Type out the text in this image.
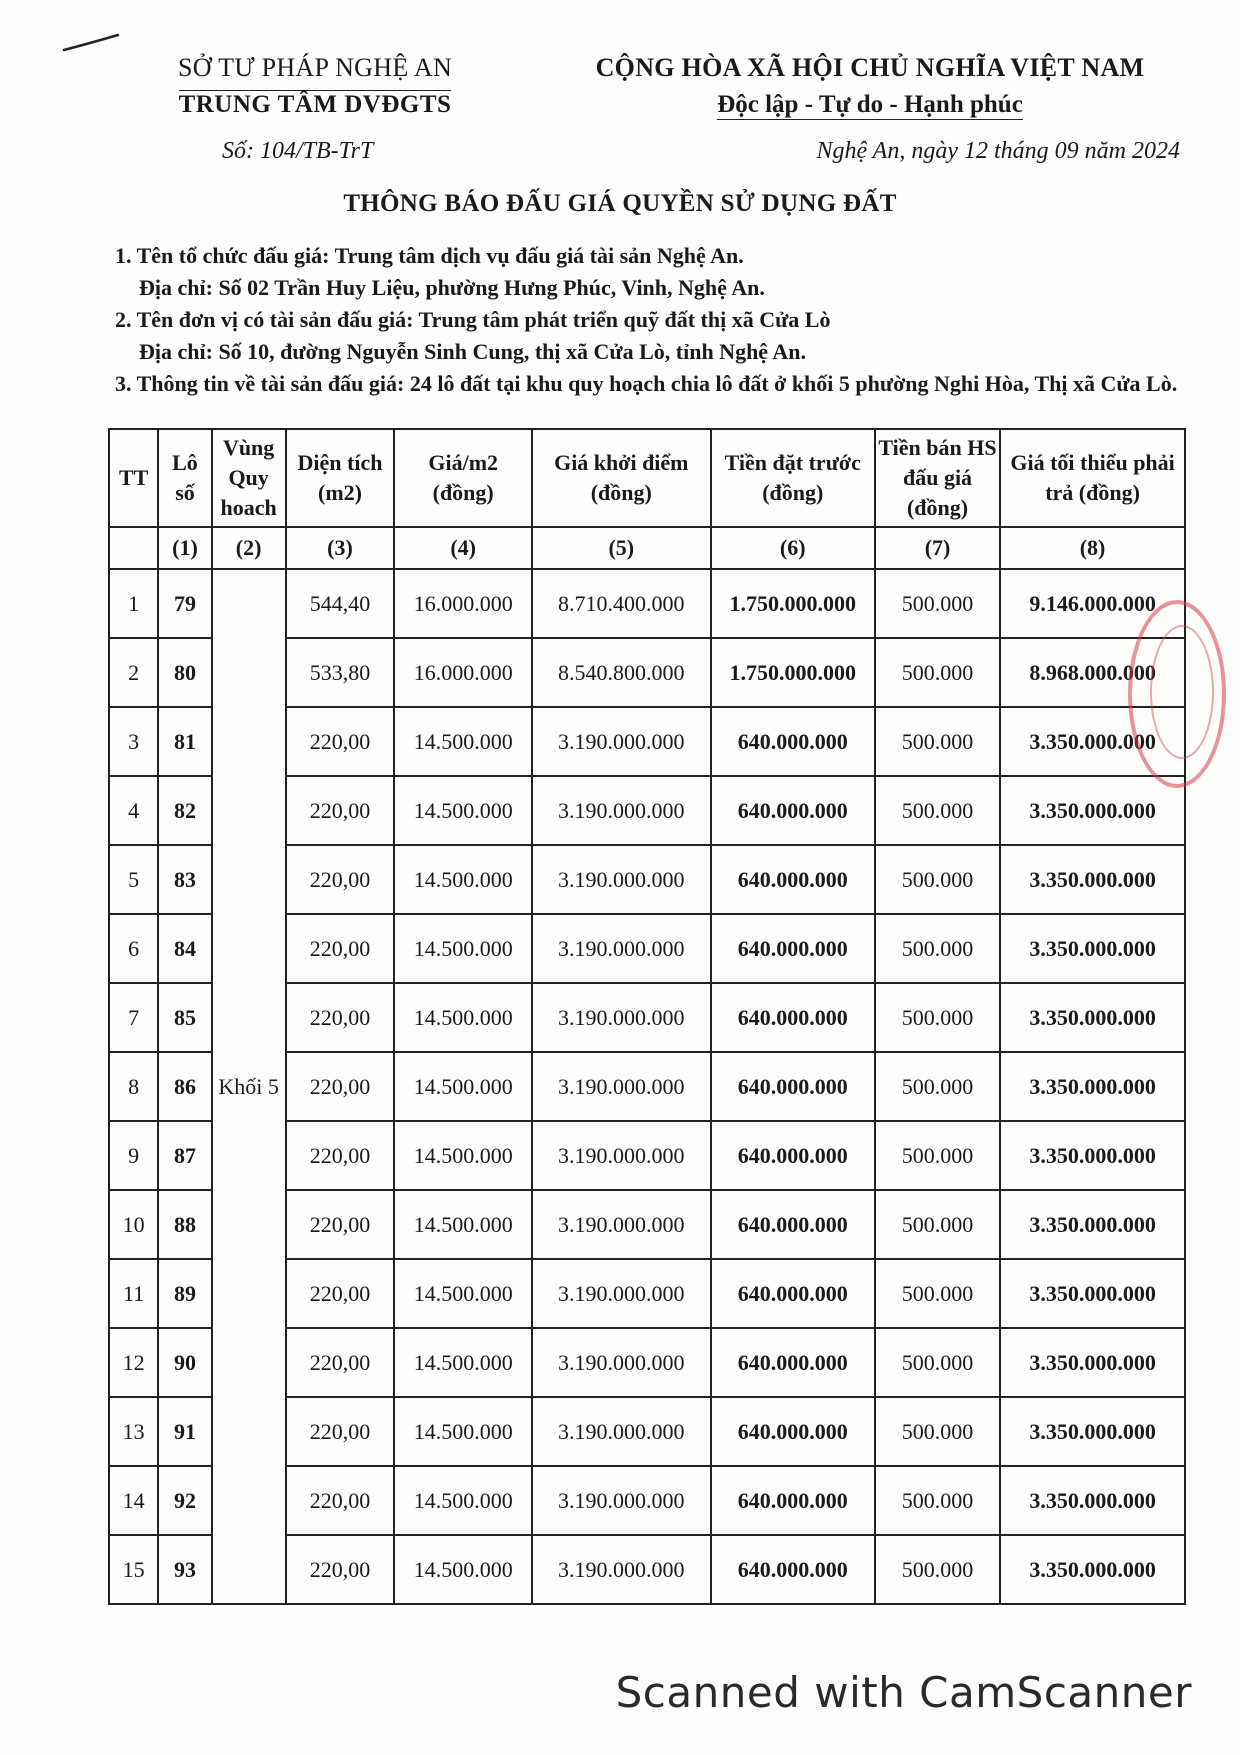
SỞ TƯ PHÁP NGHỆ AN
TRUNG TÂM DVĐGTS
CỘNG HÒA XÃ HỘI CHỦ NGHĨA VIỆT NAM
Độc lập - Tự do - Hạnh phúc
Số: 104/TB-TrT	Nghệ An, ngày 12 tháng 09 năm 2024
THÔNG BÁO ĐẤU GIÁ QUYỀN SỬ DỤNG ĐẤT

1. Tên tổ chức đấu giá: Trung tâm dịch vụ đấu giá tài sản Nghệ An.

Địa chỉ: Số 02 Trần Huy Liệu, phường Hưng Phúc, Vinh, Nghệ An.

2. Tên đơn vị có tài sản đấu giá: Trung tâm phát triển quỹ đất thị xã Cửa Lò

Địa chỉ: Số 10, đường Nguyễn Sinh Cung, thị xã Cửa Lò, tỉnh Nghệ An.

3. Thông tin về tài sản đấu giá: 24 lô đất tại khu quy hoạch chia lô đất ở khối 5 phường Nghi Hòa, Thị xã Cửa Lò.

TT	Lô số	Vùng Quy hoach	Diện tích (m2)	Giá/m2 (đồng)	Giá khởi điểm (đồng)	Tiền đặt trước (đồng)	Tiền bán HS đấu giá (đồng)	Giá tối thiểu phải trả (đồng)
	(1)	(2)	(3)	(4)	(5)	(6)	(7)	(8)
1	79	Khối 5	544,40	16.000.000	8.710.400.000	1.750.000.000	500.000	9.146.000.000
2	80		533,80	16.000.000	8.540.800.000	1.750.000.000	500.000	8.968.000.000
3	81		220,00	14.500.000	3.190.000.000	640.000.000	500.000	3.350.000.000
4	82		220,00	14.500.000	3.190.000.000	640.000.000	500.000	3.350.000.000
5	83		220,00	14.500.000	3.190.000.000	640.000.000	500.000	3.350.000.000
6	84		220,00	14.500.000	3.190.000.000	640.000.000	500.000	3.350.000.000
7	85		220,00	14.500.000	3.190.000.000	640.000.000	500.000	3.350.000.000
8	86		220,00	14.500.000	3.190.000.000	640.000.000	500.000	3.350.000.000
9	87		220,00	14.500.000	3.190.000.000	640.000.000	500.000	3.350.000.000
10	88		220,00	14.500.000	3.190.000.000	640.000.000	500.000	3.350.000.000
11	89		220,00	14.500.000	3.190.000.000	640.000.000	500.000	3.350.000.000
12	90		220,00	14.500.000	3.190.000.000	640.000.000	500.000	3.350.000.000
13	91		220,00	14.500.000	3.190.000.000	640.000.000	500.000	3.350.000.000
14	92		220,00	14.500.000	3.190.000.000	640.000.000	500.000	3.350.000.000
15	93		220,00	14.500.000	3.190.000.000	640.000.000	500.000	3.350.000.000
Scanned with CamScanner
